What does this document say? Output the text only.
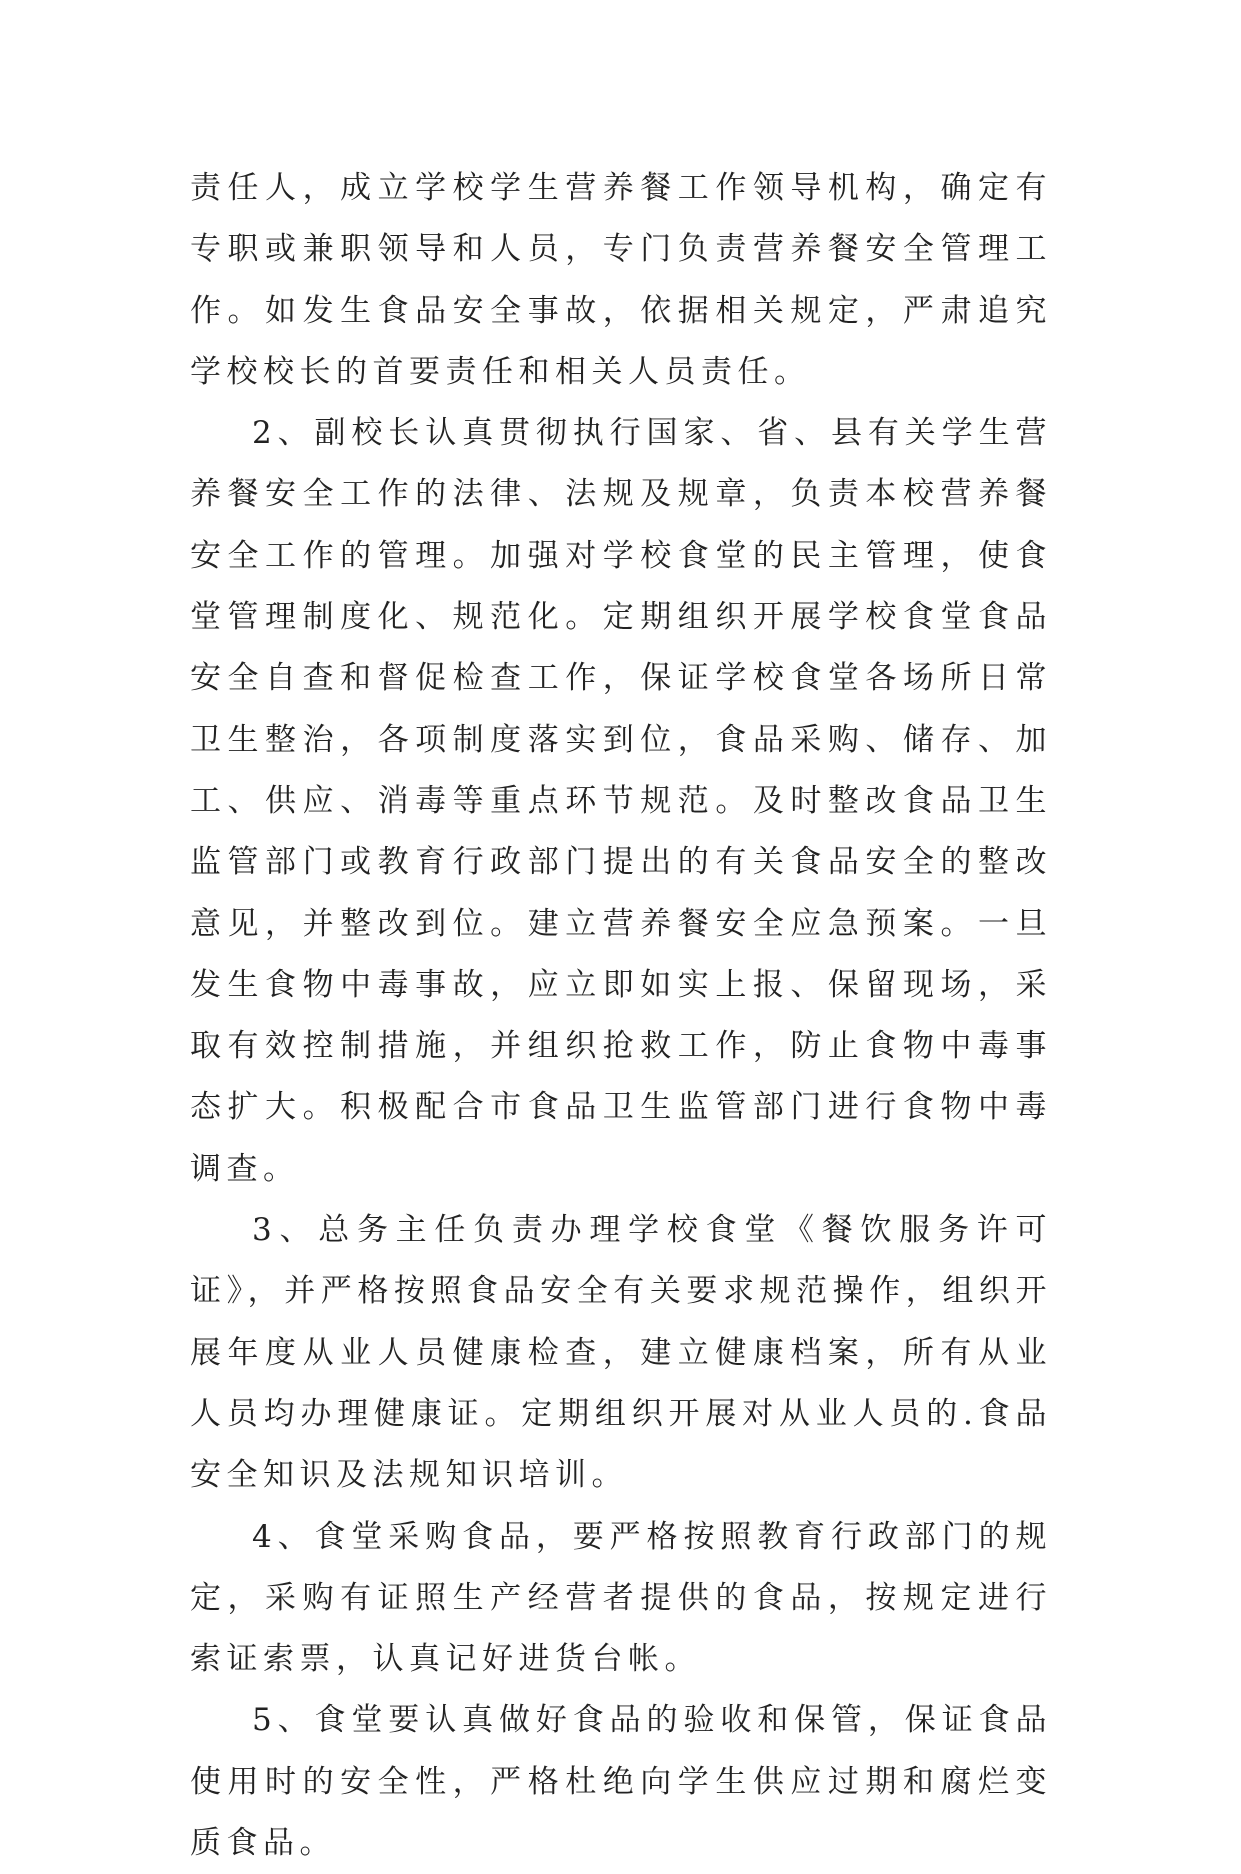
责任人，成立学校学生营养餐工作领导机构，确定有专职或兼职领导和人员，专门负责营养餐安全管理工作。如发生食品安全事故，依据相关规定，严肃追究学校校长的首要责任和相关人员责任。

2、副校长认真贯彻执行国家、省、县有关学生营养餐安全工作的法律、法规及规章，负责本校营养餐安全工作的管理。加强对学校食堂的民主管理，使食堂管理制度化、规范化。定期组织开展学校食堂食品安全自查和督促检查工作，保证学校食堂各场所日常卫生整治，各项制度落实到位，食品采购、储存、加工、供应、消毒等重点环节规范。及时整改食品卫生监管部门或教育行政部门提出的有关食品安全的整改意见，并整改到位。建立营养餐安全应急预案。一旦发生食物中毒事故，应立即如实上报、保留现场，采取有效控制措施，并组织抢救工作，防止食物中毒事态扩大。积极配合市食品卫生监管部门进行食物中毒调查。

3、总务主任负责办理学校食堂《餐饮服务许可证》，并严格按照食品安全有关要求规范操作，组织开展年度从业人员健康检查，建立健康档案，所有从业人员均办理健康证。定期组织开展对从业人员的.食品安全知识及法规知识培训。

4、食堂采购食品，要严格按照教育行政部门的规定，采购有证照生产经营者提供的食品，按规定进行索证索票，认真记好进货台帐。

5、食堂要认真做好食品的验收和保管，保证食品使用时的安全性，严格杜绝向学生供应过期和腐烂变质食品。
